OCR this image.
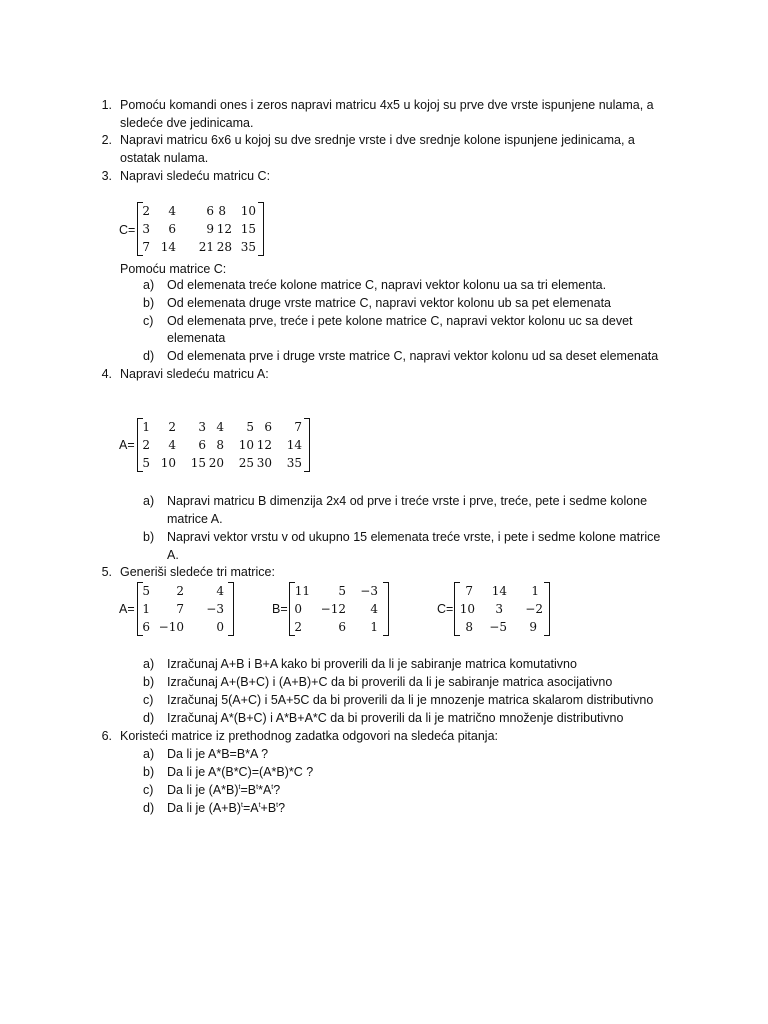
1. Pomoću komandi ones i zeros napravi matricu 4x5 u kojoj su prve dve vrste ispunjene nulama, a
sledeće dve jedinicama.
2. Napravi matricu 6x6 u kojoj su dve srednje vrste i dve srednje kolone ispunjene jedinicama, a
ostatak nulama.
3. Napravi sledeću matricu C:
C=
2	4	6 8	10
3	6	9 12 15
7 14	21 28 35
Pomoću matrice C:
a) Od elemenata treće kolone matrice C, napravi vektor kolonu ua sa tri elementa.
b) Od elemenata druge vrste matrice C, napravi vektor kolonu ub sa pet elemenata
c) Od elemenata prve, treće i pete kolone matrice C, napravi vektor kolonu uc sa devet
elemenata
d) Od elemenata prve i druge vrste matrice C, napravi vektor kolonu ud sa deset elemenata
4. Napravi sledeću matricu A:
A=
1	2	3 4	5 6	7
2	4	6 8	10 12	14
5 10	15 20	25 30	35
a) Napravi matricu B dimenzija 2x4 od prve i treće vrste i prve, treće, pete i sedme kolone
matrice A.
b) Napravi vektor vrstu v od ukupno 15 elemenata treće vrste, i pete i sedme kolone matrice
A.
5. Generiši sledeće tri matrice:
A=
5	2	4
1	7	−3
6 −10	0
B=
11	5	−3
0	−12	4
2	6	1
C=
7	14	1
10	3	−2
8	−5	9
a) Izračunaj A+B i B+A kako bi proverili da li je sabiranje matrica komutativno
b) Izračunaj A+(B+C) i (A+B)+C da bi proverili da li je sabiranje matrica asocijativno
c) Izračunaj 5(A+C) i 5A+5C da bi proverili da li je mnozenje matrica skalarom distributivno
d) Izračunaj A*(B+C) i A*B+A*C da bi proverili da li je matrično množenje distributivno
6. Koristeći matrice iz prethodnog zadatka odgovori na sledeća pitanja:
a) Da li je A*B=B*A ?
b) Da li je A*(B*C)=(A*B)*C ?
c) Da li je $(A*B)^t=B^t*A^t$?
d) Da li je $(A+B)^t=A^t+B^t$?
